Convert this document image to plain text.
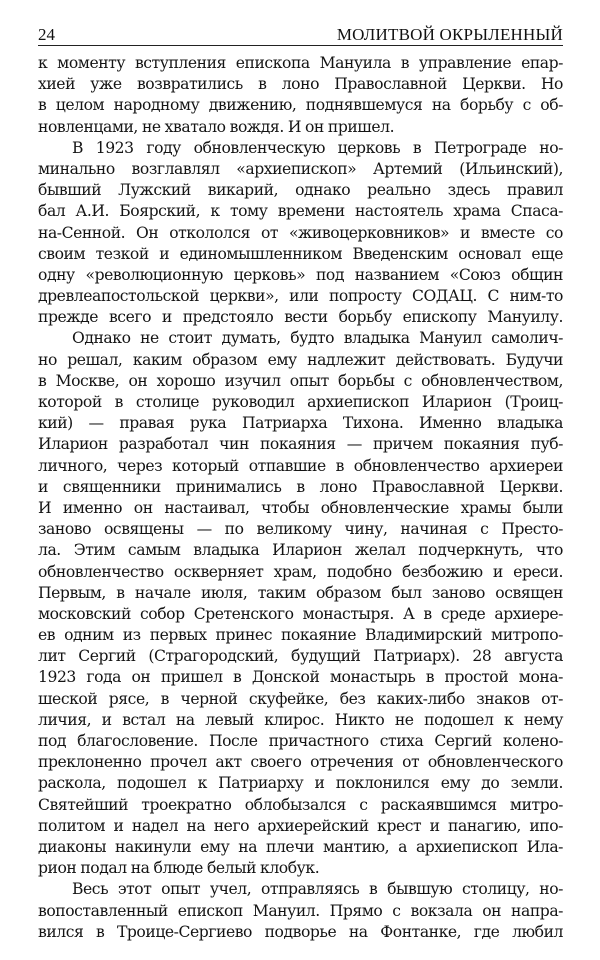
24	МОЛИТВОЙ ОКРЫЛЕННЫЙ
к моменту вступления епископа Мануила в управление епар-
хией уже возвратились в лоно Православной Церкви. Но
в целом народному движению, поднявшемуся на борьбу с об-
новленцами, не хватало вождя. И он пришел.
В 1923 году обновленческую церковь в Петрограде но-
минально возглавлял «архиепископ» Артемий (Ильинский),
бывший Лужский викарий, однако реально здесь правил
бал А.И. Боярский, к тому времени настоятель храма Спаса-
на-Сенной. Он откололся от «живоцерковников» и вместе со
своим тезкой и единомышленником Введенским основал еще
одну «революционную церковь» под названием «Союз общин
древлеапостольской церкви», или попросту СОДАЦ. С ним-то
прежде всего и предстояло вести борьбу епископу Мануилу.
Однако не стоит думать, будто владыка Мануил самолич-
но решал, каким образом ему надлежит действовать. Будучи
в Москве, он хорошо изучил опыт борьбы с обновленчеством,
которой в столице руководил архиепископ Иларион (Троиц-
кий) — правая рука Патриарха Тихона. Именно владыка
Иларион разработал чин покаяния — причем покаяния пуб-
личного, через который отпавшие в обновленчество архиереи
и священники принимались в лоно Православной Церкви.
И именно он настаивал, чтобы обновленческие храмы были
заново освящены — по великому чину, начиная с Престо-
ла. Этим самым владыка Иларион желал подчеркнуть, что
обновленчество оскверняет храм, подобно безбожию и ереси.
Первым, в начале июля, таким образом был заново освящен
московский собор Сретенского монастыря. А в среде архиере-
ев одним из первых принес покаяние Владимирский митропо-
лит Сергий (Страгородский, будущий Патриарх). 28 августа
1923 года он пришел в Донской монастырь в простой мона-
шеской рясе, в черной скуфейке, без каких-либо знаков от-
личия, и встал на левый клирос. Никто не подошел к нему
под благословение. После причастного стиха Сергий колено-
преклоненно прочел акт своего отречения от обновленческого
раскола, подошел к Патриарху и поклонился ему до земли.
Святейший троекратно облобызался с раскаявшимся митро-
политом и надел на него архиерейский крест и панагию, ипо-
диаконы накинули ему на плечи мантию, а архиепископ Ила-
рион подал на блюде белый клобук.
Весь этот опыт учел, отправляясь в бывшую столицу, но-
вопоставленный епископ Мануил. Прямо с вокзала он напра-
вился в Троице-Сергиево подворье на Фонтанке, где любил
